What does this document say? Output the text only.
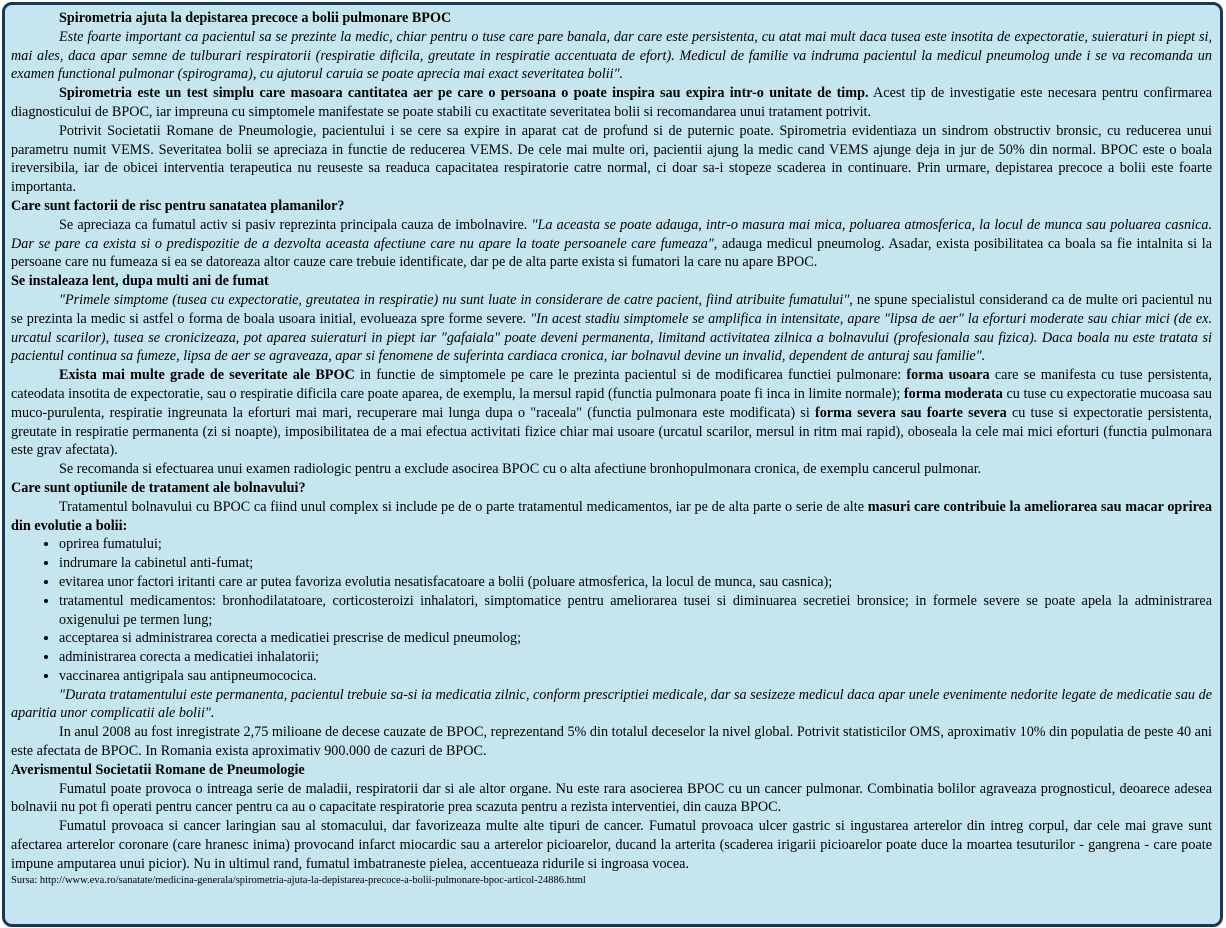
Spirometria ajuta la depistarea precoce a bolii pulmonare BPOC

Este foarte important ca pacientul sa se prezinte la medic, chiar pentru o tuse care pare banala, dar care este persistenta, cu atat mai mult daca tusea este insotita de expectoratie, suieraturi in piept si, mai ales, daca apar semne de tulburari respiratorii (respiratie dificila, greutate in respiratie accentuata de efort). Medicul de familie va indruma pacientul la medicul pneumolog unde i se va recomanda un examen functional pulmonar (spirograma), cu ajutorul caruia se poate aprecia mai exact severitatea bolii".

Spirometria este un test simplu care masoara cantitatea aer pe care o persoana o poate inspira sau expira intr-o unitate de timp. Acest tip de investigatie este necesara pentru confirmarea diagnosticului de BPOC, iar impreuna cu simptomele manifestate se poate stabili cu exactitate severitatea bolii si recomandarea unui tratament potrivit.

Potrivit Societatii Romane de Pneumologie, pacientului i se cere sa expire in aparat cat de profund si de puternic poate. Spirometria evidentiaza un sindrom obstructiv bronsic, cu reducerea unui parametru numit VEMS. Severitatea bolii se apreciaza in functie de reducerea VEMS. De cele mai multe ori, pacientii ajung la medic cand VEMS ajunge deja in jur de 50% din normal. BPOC este o boala ireversibila, iar de obicei interventia terapeutica nu reuseste sa readuca capacitatea respiratorie catre normal, ci doar sa-i stopeze scaderea in continuare. Prin urmare, depistarea precoce a bolii este foarte importanta.

Care sunt factorii de risc pentru sanatatea plamanilor?

Se apreciaza ca fumatul activ si pasiv reprezinta principala cauza de imbolnavire. "La aceasta se poate adauga, intr-o masura mai mica, poluarea atmosferica, la locul de munca sau poluarea casnica. Dar se pare ca exista si o predispozitie de a dezvolta aceasta afectiune care nu apare la toate persoanele care fumeaza", adauga medicul pneumolog. Asadar, exista posibilitatea ca boala sa fie intalnita si la persoane care nu fumeaza si ea se datoreaza altor cauze care trebuie identificate, dar pe de alta parte exista si fumatori la care nu apare BPOC.

Se instaleaza lent, dupa multi ani de fumat

"Primele simptome (tusea cu expectoratie, greutatea in respiratie) nu sunt luate in considerare de catre pacient, fiind atribuite fumatului", ne spune specialistul considerand ca de multe ori pacientul nu se prezinta la medic si astfel o forma de boala usoara initial, evolueaza spre forme severe. "In acest stadiu simptomele se amplifica in intensitate, apare "lipsa de aer" la eforturi moderate sau chiar mici (de ex. urcatul scarilor), tusea se cronicizeaza, pot aparea suieraturi in piept iar "gafaiala" poate deveni permanenta, limitand activitatea zilnica a bolnavului (profesionala sau fizica). Daca boala nu este tratata si pacientul continua sa fumeze, lipsa de aer se agraveaza, apar si fenomene de suferinta cardiaca cronica, iar bolnavul devine un invalid, dependent de anturaj sau familie".

Exista mai multe grade de severitate ale BPOC in functie de simptomele pe care le prezinta pacientul si de modificarea functiei pulmonare: forma usoara care se manifesta cu tuse persistenta, cateodata insotita de expectoratie, sau o respiratie dificila care poate aparea, de exemplu, la mersul rapid (functia pulmonara poate fi inca in limite normale); forma moderata cu tuse cu expectoratie mucoasa sau muco-purulenta, respiratie ingreunata la eforturi mai mari, recuperare mai lunga dupa o "raceala" (functia pulmonara este modificata) si forma severa sau foarte severa cu tuse si expectoratie persistenta, greutate in respiratie permanenta (zi si noapte), imposibilitatea de a mai efectua activitati fizice chiar mai usoare (urcatul scarilor, mersul in ritm mai rapid), oboseala la cele mai mici eforturi (functia pulmonara este grav afectata).

Se recomanda si efectuarea unui examen radiologic pentru a exclude asocirea BPOC cu o alta afectiune bronhopulmonara cronica, de exemplu cancerul pulmonar.

Care sunt optiunile de tratament ale bolnavului?

Tratamentul bolnavului cu BPOC ca fiind unul complex si include pe de o parte tratamentul medicamentos, iar pe de alta parte o serie de alte masuri care contribuie la ameliorarea sau macar oprirea din evolutie a bolii:

• oprirea fumatului;
• indrumare la cabinetul anti-fumat;
• evitarea unor factori iritanti care ar putea favoriza evolutia nesatisfacatoare a bolii (poluare atmosferica, la locul de munca, sau casnica);
• tratamentul medicamentos: bronhodilatatoare, corticosteroizi inhalatori, simptomatice pentru ameliorarea tusei si diminuarea secretiei bronsice; in formele severe se poate apela la administrarea oxigenului pe termen lung;
• acceptarea si administrarea corecta a medicatiei prescrise de medicul pneumolog;
• administrarea corecta a medicatiei inhalatorii;
• vaccinarea antigripala sau antipneumococica.

"Durata tratamentului este permanenta, pacientul trebuie sa-si ia medicatia zilnic, conform prescriptiei medicale, dar sa sesizeze medicul daca apar unele evenimente nedorite legate de medicatie sau de aparitia unor complicatii ale bolii".

In anul 2008 au fost inregistrate 2,75 milioane de decese cauzate de BPOC, reprezentand 5% din totalul deceselor la nivel global. Potrivit statisticilor OMS, aproximativ 10% din populatia de peste 40 ani este afectata de BPOC. In Romania exista aproximativ 900.000 de cazuri de BPOC.

Averismentul Societatii Romane de Pneumologie

Fumatul poate provoca o intreaga serie de maladii, respiratorii dar si ale altor organe. Nu este rara asocierea BPOC cu un cancer pulmonar. Combinatia bolilor agraveaza prognosticul, deoarece adesea bolnavii nu pot fi operati pentru cancer pentru ca au o capacitate respiratorie prea scazuta pentru a rezista interventiei, din cauza BPOC.

Fumatul provoaca si cancer laringian sau al stomacului, dar favorizeaza multe alte tipuri de cancer. Fumatul provoaca ulcer gastric si ingustarea arterelor din intreg corpul, dar cele mai grave sunt afectarea arterelor coronare (care hranesc inima) provocand infarct miocardic sau a arterelor picioarelor, ducand la arterita (scaderea irigarii picioarelor poate duce la moartea tesuturilor - gangrena - care poate impune amputarea unui picior). Nu in ultimul rand, fumatul imbatraneste pielea, accentueaza ridurile si ingroasa vocea.

Sursa: http://www.eva.ro/sanatate/medicina-generala/spirometria-ajuta-la-depistarea-precoce-a-bolii-pulmonare-bpoc-articol-24886.html
